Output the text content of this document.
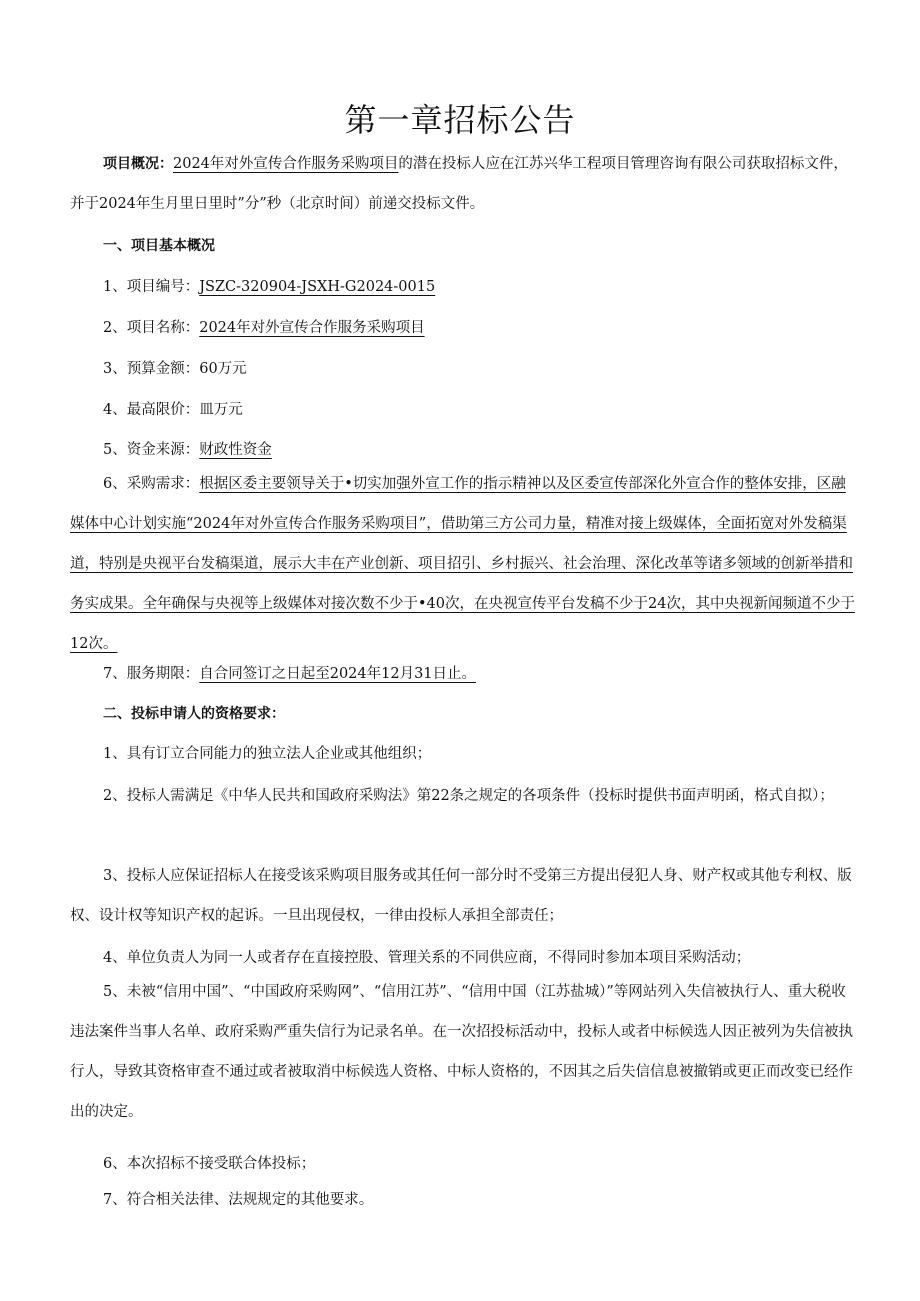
第一章招标公告

项目概况：2024年对外宣传合作服务采购项目的潜在投标人应在江苏兴华工程项目管理咨询有限公司获取招标文件，并于2024年生月里日里时”分”秒（北京时间）前递交投标文件。

一、项目基本概况

1、项目编号：JSZC-320904-JSXH-G2024-0015

2、项目名称：2024年对外宣传合作服务采购项目

3、预算金额：60万元

4、最高限价：皿万元

5、资金来源：财政性资金

6、采购需求：根据区委主要领导关于•切实加强外宣工作的指示精神以及区委宣传部深化外宣合作的整体安排，区融媒体中心计划实施“2024年对外宣传合作服务采购项目”，借助第三方公司力量，精准对接上级媒体，全面拓宽对外发稿渠道，特别是央视平台发稿渠道，展示大丰在产业创新、项目招引、乡村振兴、社会治理、深化改革等诸多领域的创新举措和务实成果。全年确保与央视等上级媒体对接次数不少于•40次，在央视宣传平台发稿不少于24次，其中央视新闻频道不少于12次。

7、服务期限：自合同签订之日起至2024年12月31日止。

二、投标申请人的资格要求：

1、具有订立合同能力的独立法人企业或其他组织；

2、投标人需满足《中华人民共和国政府采购法》第22条之规定的各项条件（投标时提供书面声明函，格式自拟）；

3、投标人应保证招标人在接受该采购项目服务或其任何一部分时不受第三方提出侵犯人身、财产权或其他专利权、版权、设计权等知识产权的起诉。一旦出现侵权，一律由投标人承担全部责任；

4、单位负责人为同一人或者存在直接控股、管理关系的不同供应商，不得同时参加本项目采购活动；

5、未被“信用中国”、“中国政府采购网”、“信用江苏”、“信用中国（江苏盐城）”等网站列入失信被执行人、重大税收违法案件当事人名单、政府采购严重失信行为记录名单。在一次招投标活动中，投标人或者中标候选人因正被列为失信被执行人，导致其资格审查不通过或者被取消中标候选人资格、中标人资格的，不因其之后失信信息被撤销或更正而改变已经作出的决定。

6、本次招标不接受联合体投标；

7、符合相关法律、法规规定的其他要求。
